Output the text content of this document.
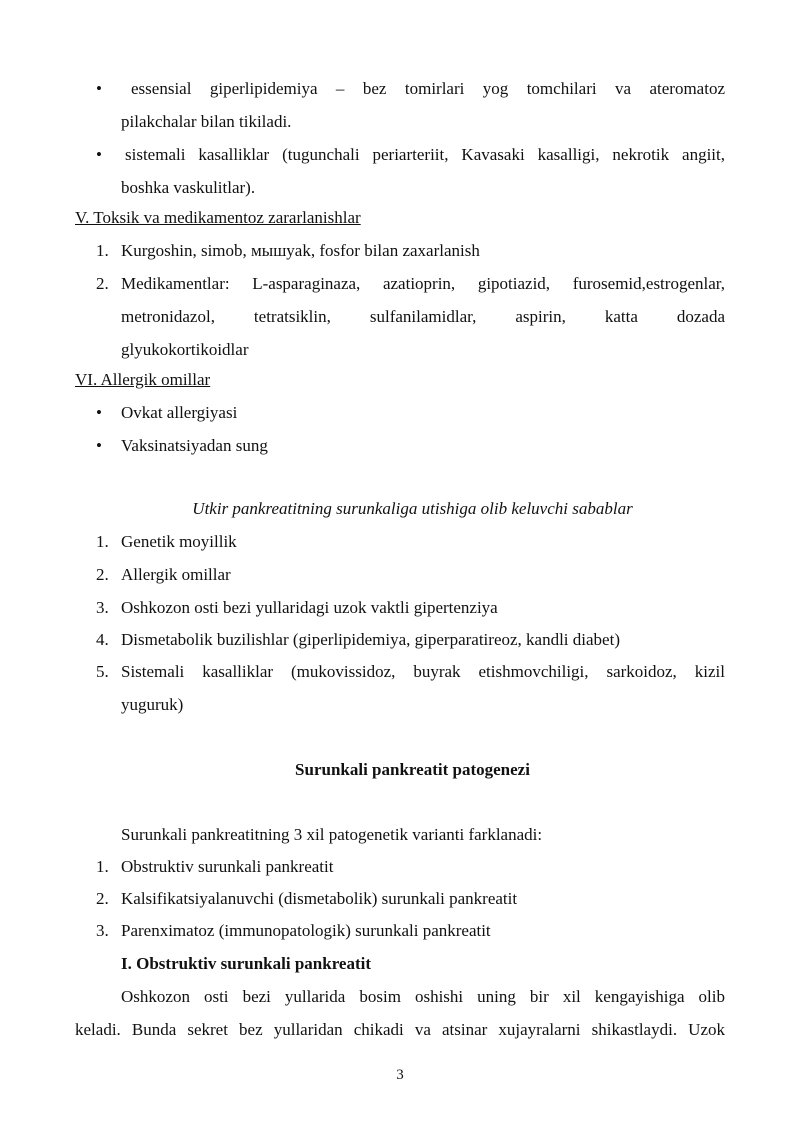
• essensial giperlipidemiya – bez tomirlari yog tomchilari va ateromatoz
pilakchalar bilan tikiladi.
• sistemali kasalliklar (tugunchali periarteriit, Kavasaki kasalligi, nekrotik angiit,
boshka vaskulitlar).
V. Toksik va medikamentoz zararlanishlar
1. Kurgoshin, simob, мышyak, fosfor bilan zaxarlanish
2. Medikamentlar: L-asparaginaza, azatioprin, gipotiazid, furosemid,estrogenlar,
metronidazol, tetratsiklin, sulfanilamidlar, aspirin, katta dozada
glyukokortikoidlar
VI. Allergik omillar
• Ovkat allergiyasi
• Vaksinatsiyadan sung
Utkir pankreatitning surunkaliga utishiga olib keluvchi sabablar
1. Genetik moyillik
2. Allergik omillar
3. Oshkozon osti bezi yullaridagi uzok vaktli gipertenziya
4. Dismetabolik buzilishlar (giperlipidemiya, giperparatireoz, kandli diabet)
5. Sistemali kasalliklar (mukovissidoz, buyrak etishmovchiligi, sarkoidoz, kizil
yuguruk)
Surunkali pankreatit patogenezi
Surunkali pankreatitning 3 xil patogenetik varianti farklanadi:
1. Obstruktiv surunkali pankreatit
2. Kalsifikatsiyalanuvchi (dismetabolik) surunkali pankreatit
3. Parenximatoz (immunopatologik) surunkali pankreatit
I. Obstruktiv surunkali pankreatit
Oshkozon osti bezi yullarida bosim oshishi uning bir xil kengayishiga olib
keladi. Bunda sekret bez yullaridan chikadi va atsinar xujayralarni shikastlaydi. Uzok
3
